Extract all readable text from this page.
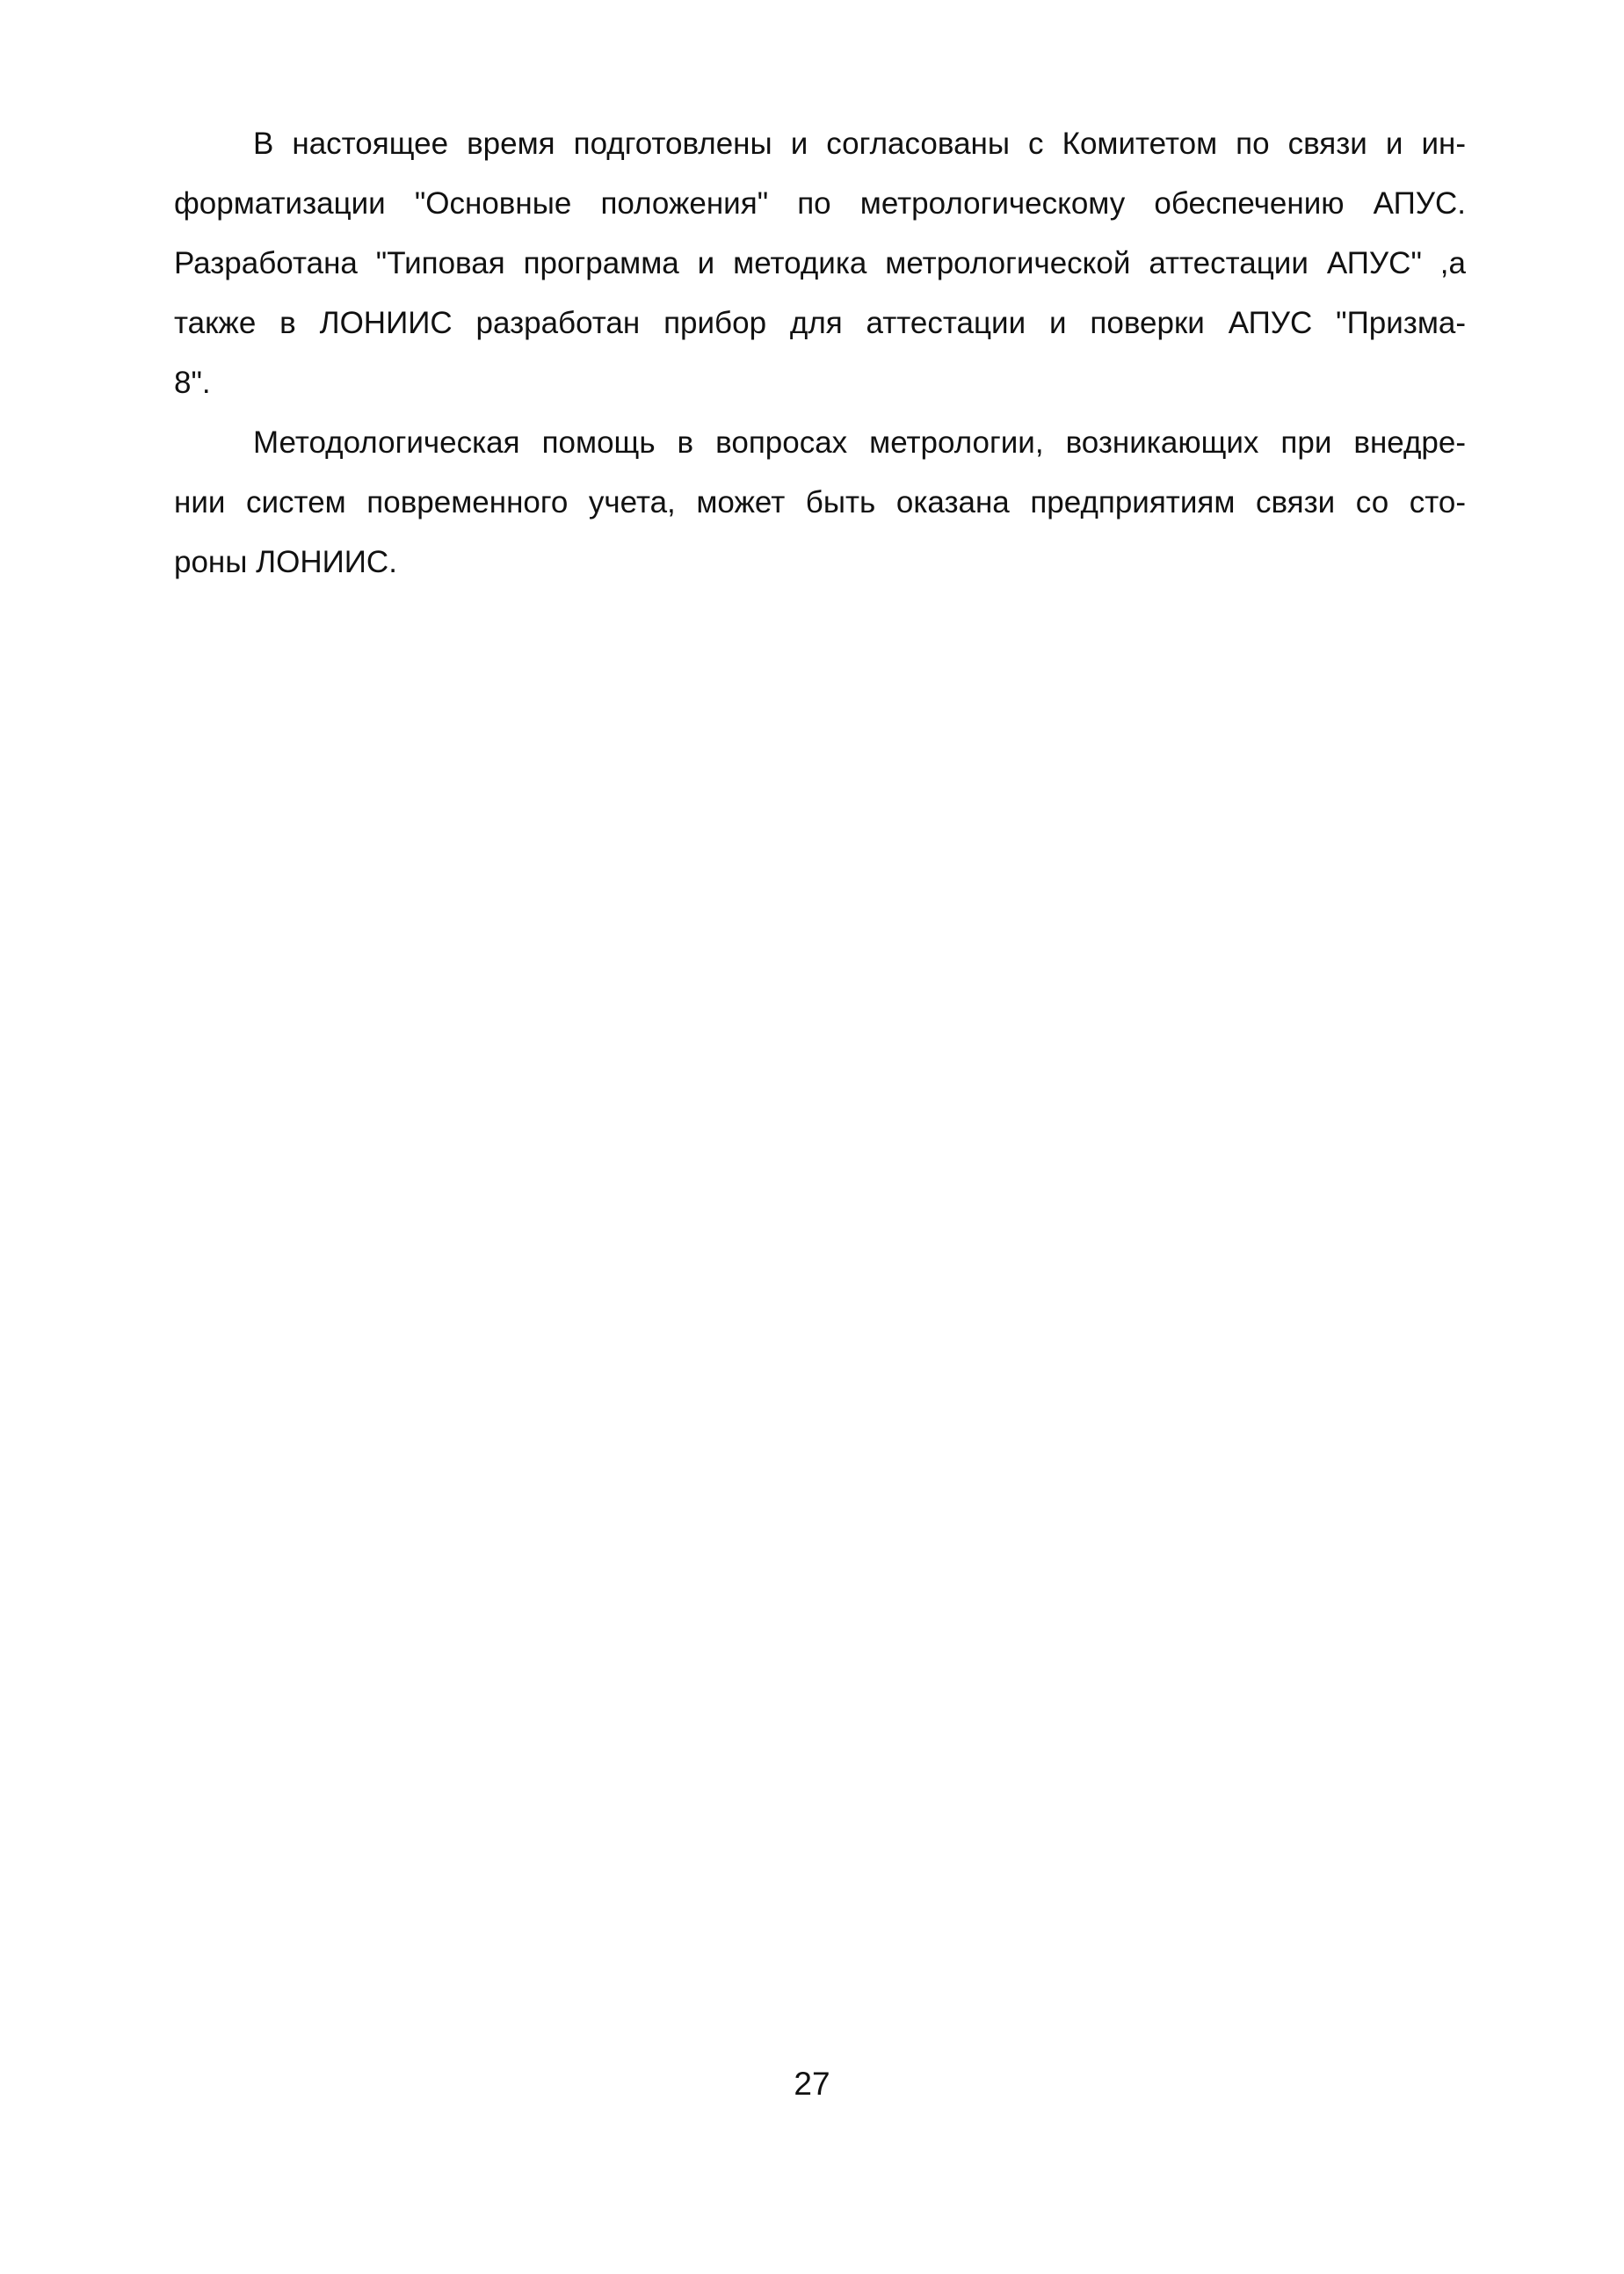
В настоящее время подготовлены и согласованы с Комитетом по связи и ин-
форматизации "Основные положения" по метрологическому обеспечению АПУС.
Разработана "Типовая программа и методика метрологической аттестации АПУС" ,а
также в ЛОНИИС разработан прибор для аттестации и поверки АПУС "Призма-
8".
Методологическая помощь в вопросах метрологии, возникающих при внедре-
нии систем повременного учета, может быть оказана предприятиям связи со сто-
роны ЛОНИИС.
27
